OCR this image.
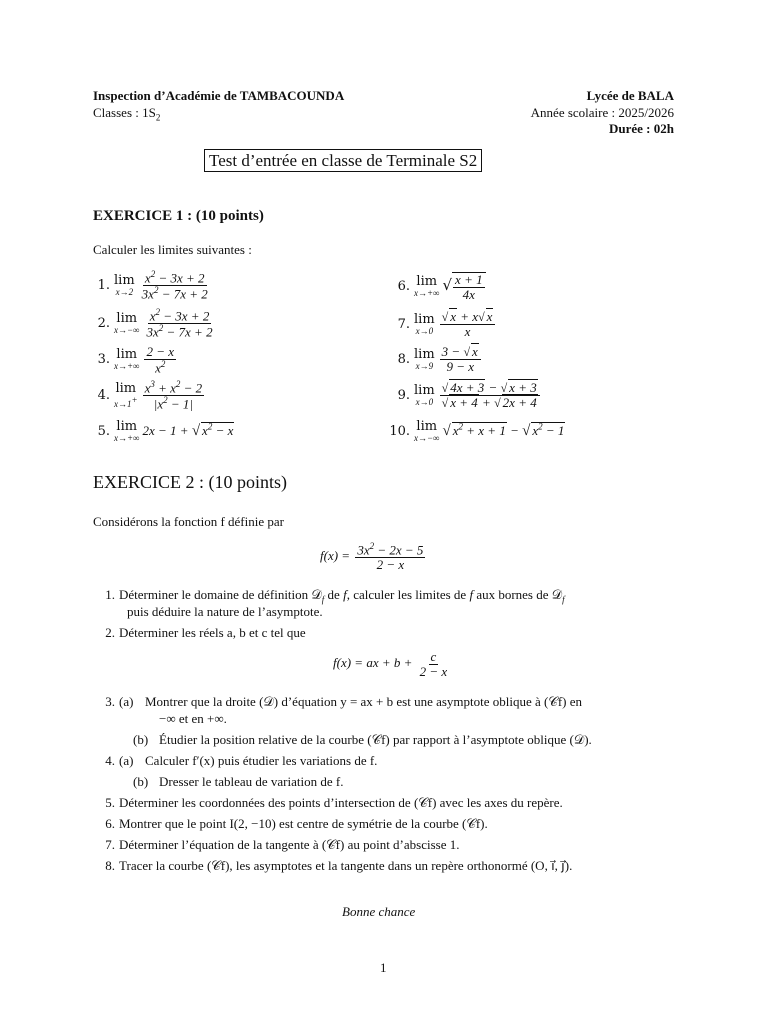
Inspection d’Académie de TAMBACOUNDA
Classes : $1S_2$
Lycée de BALA
Année scolaire : 2025/2026
Durée : 02h
Test d’entrée en classe de Terminale S2
EXERCICE 1 : (10 points)
Calculer les limites suivantes :
1. lim
$x\to 2 \frac{x^2 - 3x + 2}{3x^2 - 7x + 2}$
2. lim
$x\to-\infty \frac{x^2 - 3x + 2}{3x^2 - 7x + 2}$
3. lim
$x\to+\infty \frac{2 - x}{x^2}$
4. lim
$x\to 1^+ \frac{x^3 + x^2 - 2}{|x^2 - 1|}$
5. lim
x→+∞ 2x − 1 + √ $x^2 - x$
6. lim
x→+∞ √ $\frac{x + 1}{4x}$
7. lim
$x\to 0 \frac{√ x + x√ x}{x}$
8. lim
$x\to 9 \frac{3 - √ x}{9 - x}$
9. lim
$x\to 0 \frac{√ 4x + 3 - √ x + 3}{√ x + 4 + √ 2x + 4}$
10. lim
x→−∞ √ $x^2 + x + 1$ − √ $x^2 - 1$
EXERCICE 2 : (10 points)
Considérons la fonction f définie par
$f(x) = \frac{3x^2 - 2x - 5}{2 - x}$
1. Déterminer le domaine de définition 𝒟$_f$ de f, calculer les limites de f aux bornes de 𝒟$_f$
puis déduire la nature de l’asymptote.
2. Déterminer les réels a, b et c tel que
f(x) = ax + $b + \frac{c}{2 - x}$
3. (a) Montrer que la droite (𝒟) d’équation y = ax + b est une asymptote oblique à (𝒞f) en
−∞ et en +∞.
(b) Étudier la position relative de la courbe (𝒞f) par rapport à l’asymptote oblique (𝒟).
4. (a) Calculer f′(x) puis étudier les variations de f.
(b) Dresser le tableau de variation de f.
5. Déterminer les coordonnées des points d’intersection de (𝒞f) avec les axes du repère.
6. Montrer que le point I(2, −10) est centre de symétrie de la courbe (𝒞f).
7. Déterminer l’équation de la tangente à (𝒞f) au point d’abscisse 1.
8. Tracer la courbe (𝒞f), les asymptotes et la tangente dans un repère orthonormé (O, i⃗, j⃗).
Bonne chance
1
